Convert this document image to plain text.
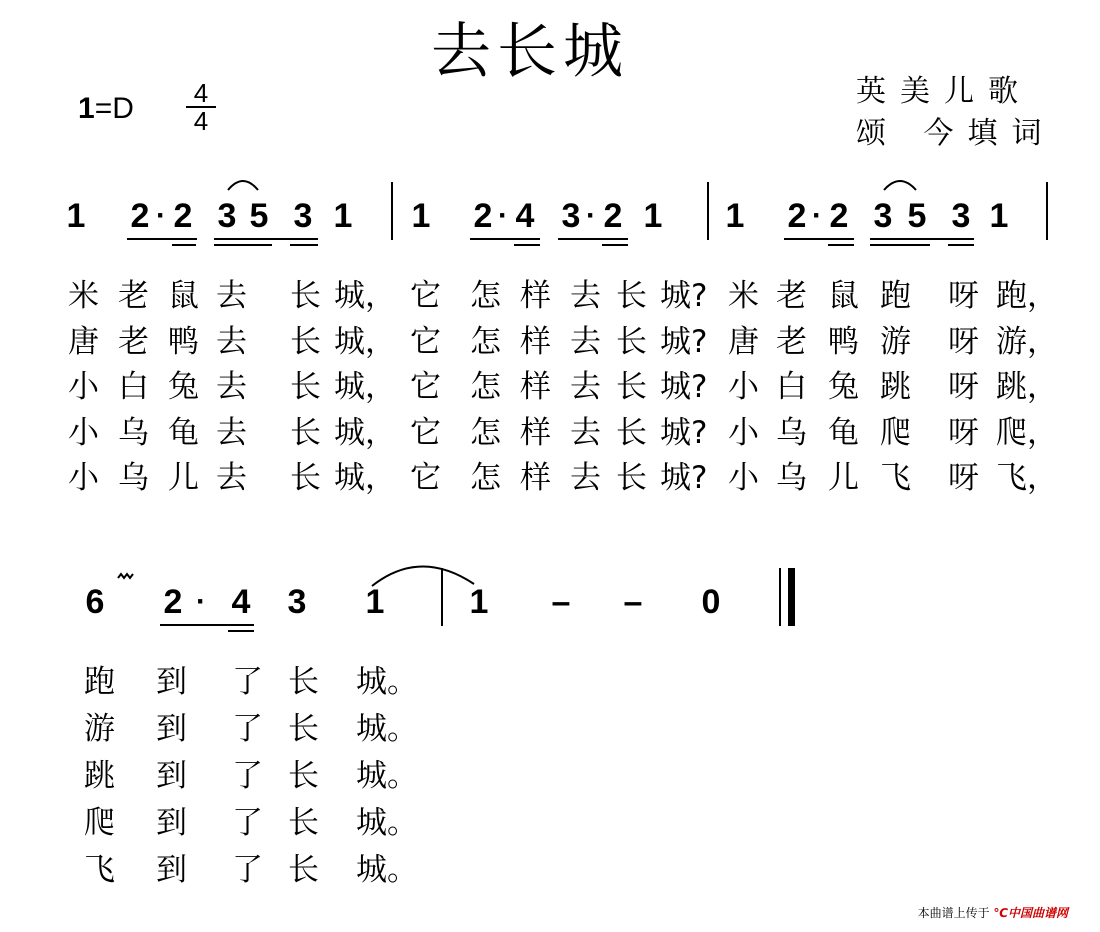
去长城
1=D	4
4
英美儿歌
颂 今填词
1 2 · 2 3 5 3 1 1 2 · 4 3 · 2 1 1 2 · 2 3 5 3 1
米 老 鼠 去 长 城， 它 怎 样 去 长 城? 米 老 鼠 跑 呀 跑，
唐 老 鸭 去 长 城， 它 怎 样 去 长 城? 唐 老 鸭 游 呀 游，
小 白 兔 去 长 城， 它 怎 样 去 长 城? 小 白 兔 跳 呀 跳，
小 乌 龟 去 长 城， 它 怎 样 去 长 城? 小 乌 龟 爬 呀 爬，
小 乌 儿 去 长 城， 它 怎 样 去 长 城? 小 乌 儿 飞 呀 飞，
6 2 · 4 3 1	1 – – 0
跑 到 了 长 城。
游 到 了 长 城。
跳 到 了 长 城。
爬 到 了 长 城。
飞 到 了 长 城。
本曲谱上传于 ℃中国曲谱网
